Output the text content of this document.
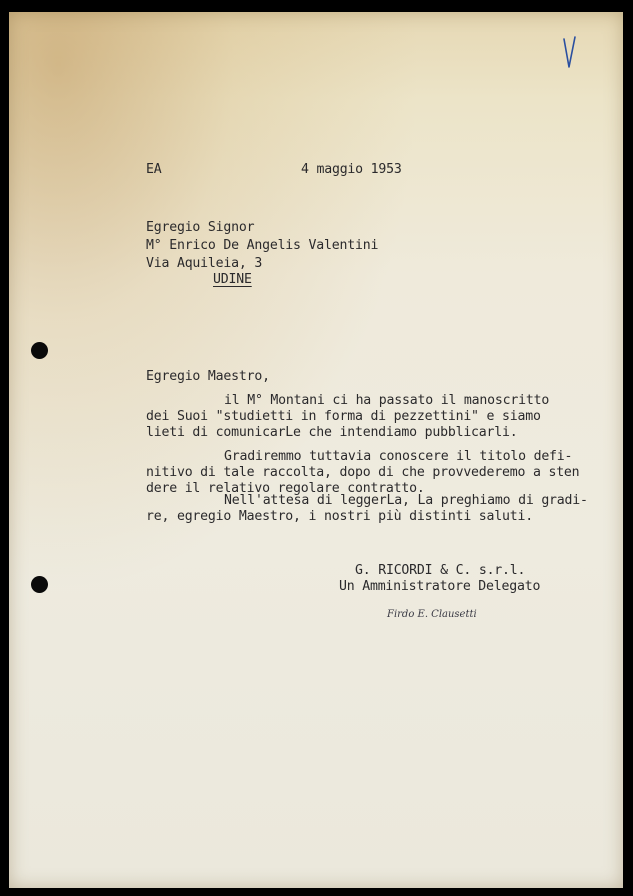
EA	4 maggio 1953
Egregio Signor
M° Enrico De Angelis Valentini
Via Aquileia, 3
UDINE
Egregio Maestro,
il M° Montani ci ha passato il manoscritto
dei Suoi "studietti in forma di pezzettini" e siamo
lieti di comunicarLe che intendiamo pubblicarli.
Gradiremmo tuttavia conoscere il titolo defi-
nitivo di tale raccolta, dopo di che provvederemo a sten
dere il relativo regolare contratto.
Nell'attesa di leggerLa, La preghiamo di gradi-
re, egregio Maestro, i nostri più distinti saluti.
G. RICORDI & C. s.r.l.
Un Amministratore Delegato
Firdo E. Clausetti
